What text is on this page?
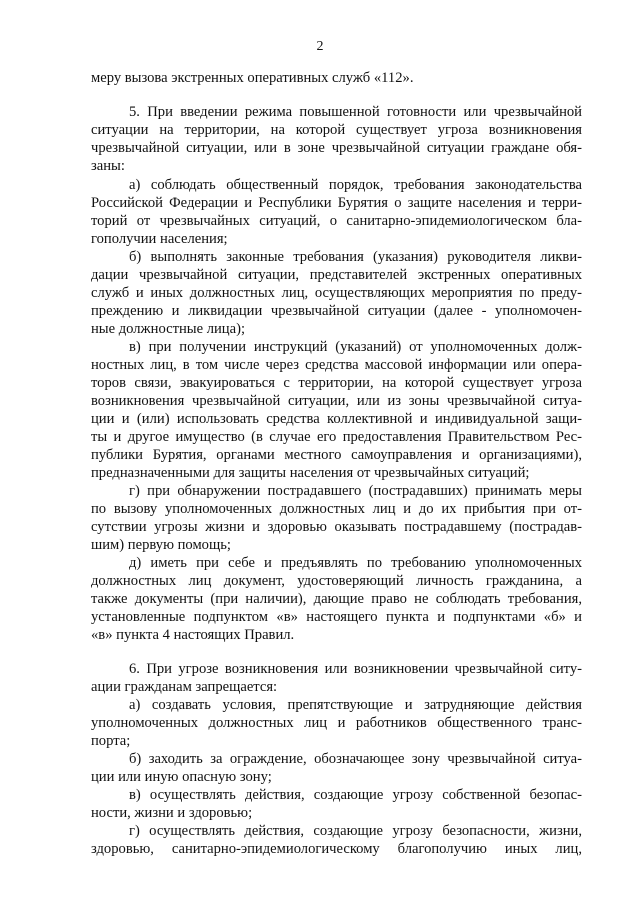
2
меру вызова экстренных оперативных служб «112».
5. При введении режима повышенной готовности или чрезвычайной
ситуации на территории, на которой существует угроза возникновения
чрезвычайной ситуации, или в зоне чрезвычайной ситуации граждане обя-
заны:
а) соблюдать общественный порядок, требования законодательства
Российской Федерации и Республики Бурятия о защите населения и терри-
торий от чрезвычайных ситуаций, о санитарно-эпидемиологическом бла-
гополучии населения;
б) выполнять законные требования (указания) руководителя ликви-
дации чрезвычайной ситуации, представителей экстренных оперативных
служб и иных должностных лиц, осуществляющих мероприятия по преду-
преждению и ликвидации чрезвычайной ситуации (далее - уполномочен-
ные должностные лица);
в) при получении инструкций (указаний) от уполномоченных долж-
ностных лиц, в том числе через средства массовой информации или опера-
торов связи, эвакуироваться с территории, на которой существует угроза
возникновения чрезвычайной ситуации, или из зоны чрезвычайной ситуа-
ции и (или) использовать средства коллективной и индивидуальной защи-
ты и другое имущество (в случае его предоставления Правительством Рес-
публики Бурятия, органами местного самоуправления и организациями),
предназначенными для защиты населения от чрезвычайных ситуаций;
г) при обнаружении пострадавшего (пострадавших) принимать меры
по вызову уполномоченных должностных лиц и до их прибытия при от-
сутствии угрозы жизни и здоровью оказывать пострадавшему (пострадав-
шим) первую помощь;
д) иметь при себе и предъявлять по требованию уполномоченных
должностных лиц документ, удостоверяющий личность гражданина, а
также документы (при наличии), дающие право не соблюдать требования,
установленные подпунктом «в» настоящего пункта и подпунктами «б» и
«в» пункта 4 настоящих Правил.
6. При угрозе возникновения или возникновении чрезвычайной ситу-
ации гражданам запрещается:
а) создавать условия, препятствующие и затрудняющие действия
уполномоченных должностных лиц и работников общественного транс-
порта;
б) заходить за ограждение, обозначающее зону чрезвычайной ситуа-
ции или иную опасную зону;
в) осуществлять действия, создающие угрозу собственной безопас-
ности, жизни и здоровью;
г) осуществлять действия, создающие угрозу безопасности, жизни,
здоровью, санитарно-эпидемиологическому благополучию иных лиц,
